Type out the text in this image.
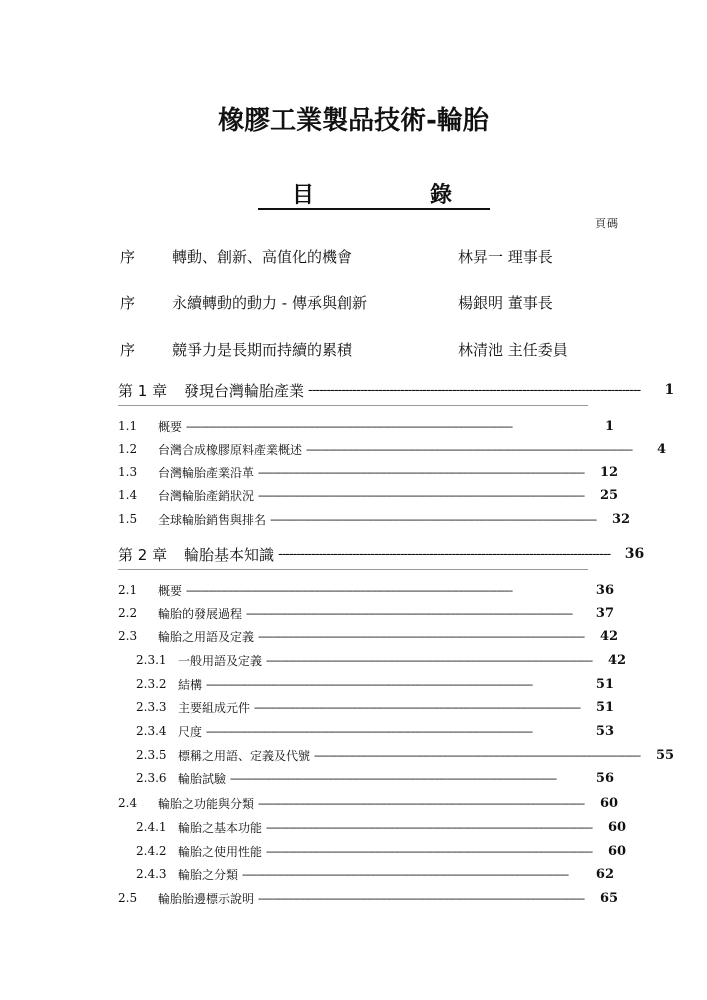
橡膠工業製品技術-輪胎
目	錄
頁碼
序 轉動、創新、高值化的機會	林昇一 理事長
序 永續轉動的動力 - 傳承與創新	楊銀明 董事長
序 競爭力是長期而持續的累積	林清池 主任委員
第 1 章	發現台灣輪胎產業 ------------------------------------------------------------------------------------------	1
1.1	概要 ------------------------------------------------------------------------------------------------------------------------	1
1.2	台灣合成橡膠原料產業概述 ------------------------------------------------------------------------------------------------------------------------	4
1.3	台灣輪胎產業沿革 ------------------------------------------------------------------------------------------------------------------------	12
1.4	台灣輪胎產銷狀況 ------------------------------------------------------------------------------------------------------------------------	25
1.5	全球輪胎銷售與排名 ------------------------------------------------------------------------------------------------------------------------	32
第 2 章	輪胎基本知識 ------------------------------------------------------------------------------------------	36
2.1	概要 ------------------------------------------------------------------------------------------------------------------------	36
2.2	輪胎的發展過程 ------------------------------------------------------------------------------------------------------------------------	37
2.3	輪胎之用語及定義 ------------------------------------------------------------------------------------------------------------------------	42
2.3.1 一般用語及定義 ------------------------------------------------------------------------------------------------------------------------	42
2.3.2 結構 ------------------------------------------------------------------------------------------------------------------------	51
2.3.3 主要組成元件 ------------------------------------------------------------------------------------------------------------------------	51
2.3.4 尺度 ------------------------------------------------------------------------------------------------------------------------	53
2.3.5 標稱之用語、定義及代號 ------------------------------------------------------------------------------------------------------------------------	55
2.3.6 輪胎試驗 ------------------------------------------------------------------------------------------------------------------------	56
2.4	輪胎之功能與分類 ------------------------------------------------------------------------------------------------------------------------	60
2.4.1 輪胎之基本功能 ------------------------------------------------------------------------------------------------------------------------	60
2.4.2 輪胎之使用性能 ------------------------------------------------------------------------------------------------------------------------	60
2.4.3 輪胎之分類 ------------------------------------------------------------------------------------------------------------------------	62
2.5	輪胎胎邊標示說明 ------------------------------------------------------------------------------------------------------------------------	65
